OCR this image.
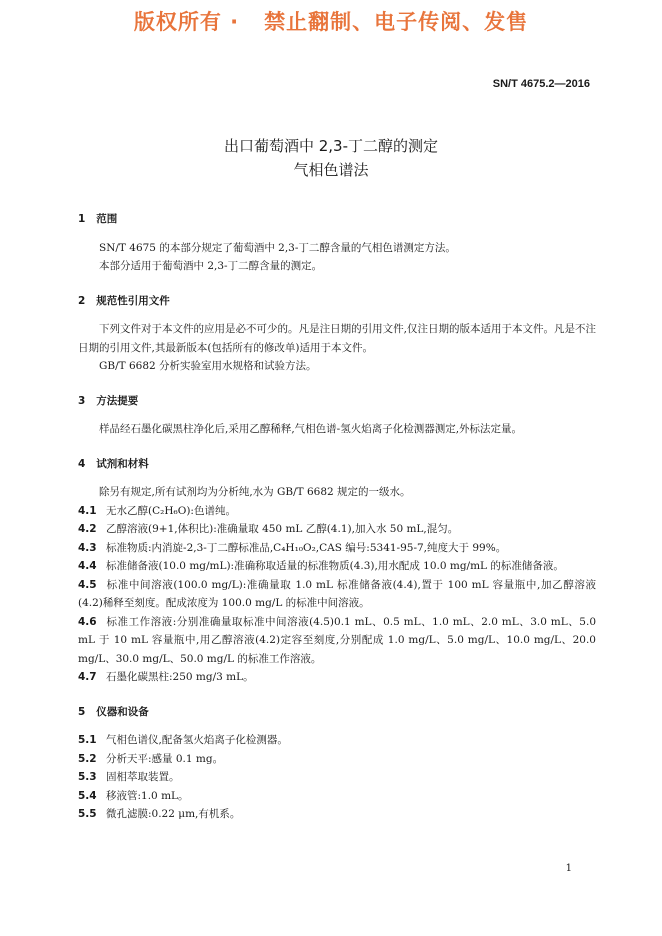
版权所有 ·   禁止翻制、电子传阅、发售
SN/T 4675.2—2016
出口葡萄酒中 2,3-丁二醇的测定
气相色谱法
1   范围
SN/T 4675 的本部分规定了葡萄酒中 2,3-丁二醇含量的气相色谱测定方法。
本部分适用于葡萄酒中 2,3-丁二醇含量的测定。
2   规范性引用文件
下列文件对于本文件的应用是必不可少的。凡是注日期的引用文件,仅注日期的版本适用于本文件。凡是不注日期的引用文件,其最新版本(包括所有的修改单)适用于本文件。
GB/T 6682 分析实验室用水规格和试验方法。
3   方法提要
样品经石墨化碳黑柱净化后,采用乙醇稀释,气相色谱-氢火焰离子化检测器测定,外标法定量。
4   试剂和材料
除另有规定,所有试剂均为分析纯,水为 GB/T 6682 规定的一级水。
4.1 无水乙醇(C₂H₆O):色谱纯。
4.2 乙醇溶液(9+1,体积比):准确量取 450 mL 乙醇(4.1),加入水 50 mL,混匀。
4.3 标准物质:内消旋-2,3-丁二醇标准品,C₄H₁₀O₂,CAS 编号:5341-95-7,纯度大于 99%。
4.4 标准储备液(10.0 mg/mL):准确称取适量的标准物质(4.3),用水配成 10.0 mg/mL 的标准储备液。
4.5 标准中间溶液(100.0 mg/L):准确量取 1.0 mL 标准储备液(4.4),置于 100 mL 容量瓶中,加乙醇溶液(4.2)稀释至刻度。配成浓度为 100.0 mg/L 的标准中间溶液。
4.6 标准工作溶液:分别准确量取标准中间溶液(4.5)0.1 mL、0.5 mL、1.0 mL、2.0 mL、3.0 mL、5.0 mL 于 10 mL 容量瓶中,用乙醇溶液(4.2)定容至刻度,分别配成 1.0 mg/L、5.0 mg/L、10.0 mg/L、20.0 mg/L、30.0 mg/L、50.0 mg/L 的标准工作溶液。
4.7 石墨化碳黑柱:250 mg/3 mL。
5   仪器和设备
5.1 气相色谱仪,配备氢火焰离子化检测器。
5.2 分析天平:感量 0.1 mg。
5.3 固相萃取装置。
5.4 移液管:1.0 mL。
5.5 微孔滤膜:0.22 μm,有机系。
1
